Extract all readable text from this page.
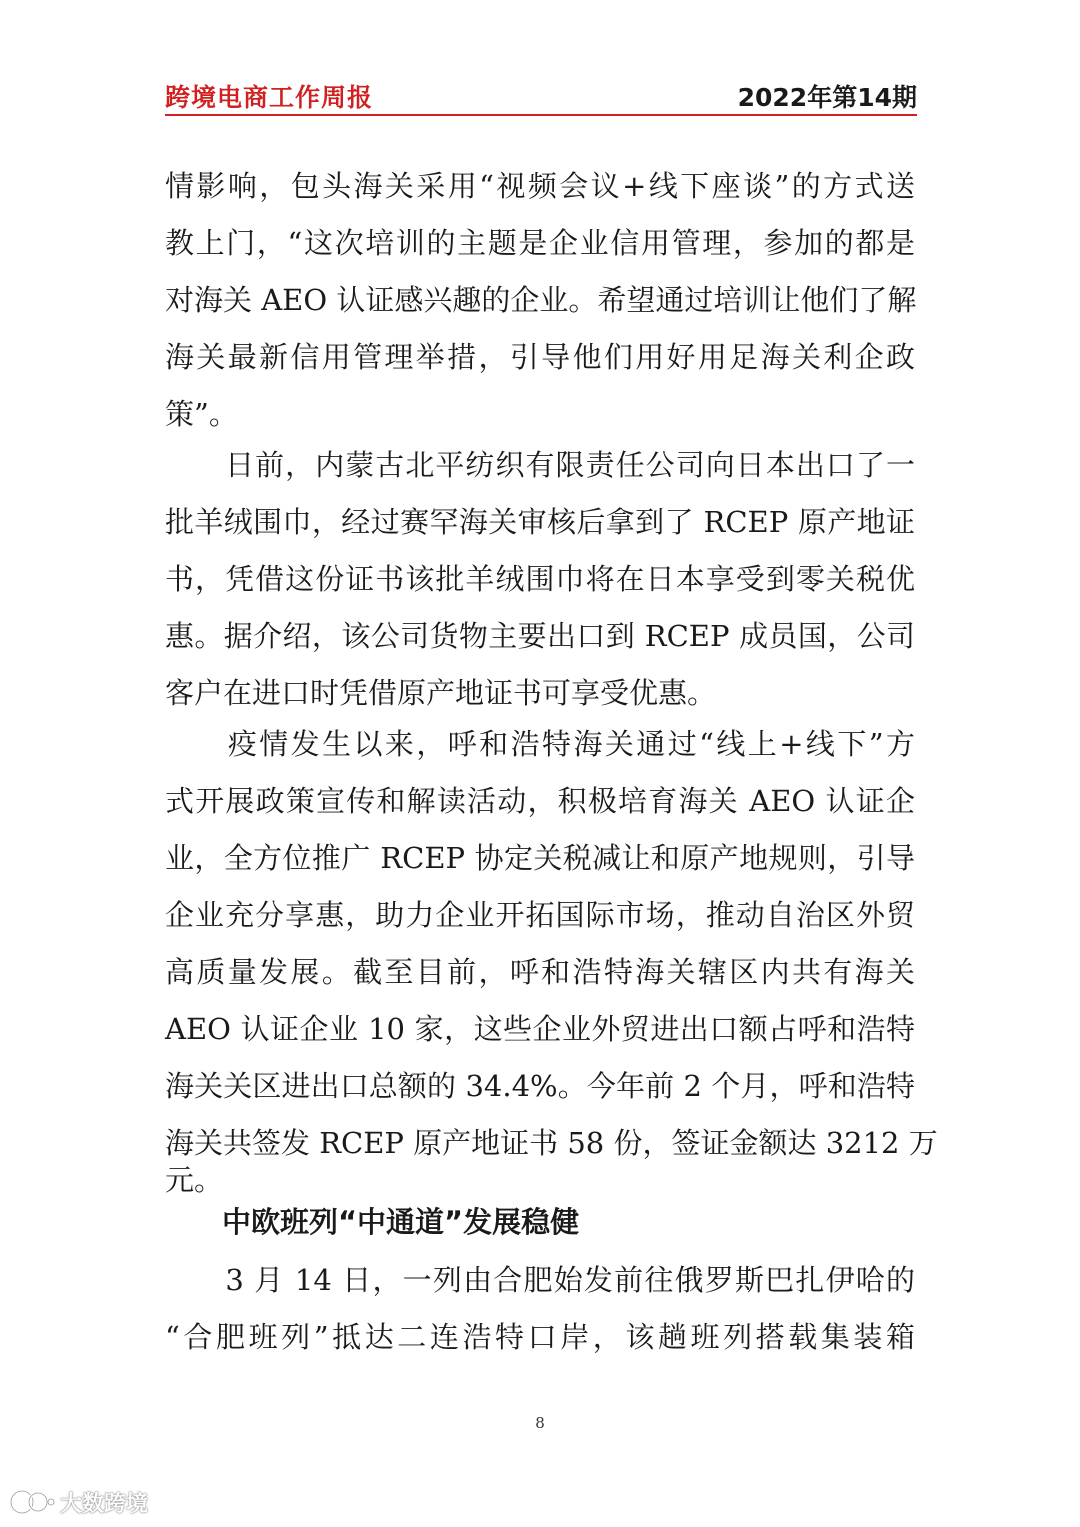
跨境电商工作周报	2022年第14期
情影响，包头海关采用“视频会议+线下座谈”的方式送
教上门，“这次培训的主题是企业信用管理，参加的都是
对海关 AEO 认证感兴趣的企业。希望通过培训让他们了解
海关最新信用管理举措，引导他们用好用足海关利企政
策”。
　　日前，内蒙古北平纺织有限责任公司向日本出口了一
批羊绒围巾，经过赛罕海关审核后拿到了 RCEP 原产地证
书，凭借这份证书该批羊绒围巾将在日本享受到零关税优
惠。据介绍，该公司货物主要出口到 RCEP 成员国，公司
客户在进口时凭借原产地证书可享受优惠。
　　疫情发生以来，呼和浩特海关通过“线上+线下”方
式开展政策宣传和解读活动，积极培育海关 AEO 认证企
业，全方位推广 RCEP 协定关税减让和原产地规则，引导
企业充分享惠，助力企业开拓国际市场，推动自治区外贸
高质量发展。截至目前，呼和浩特海关辖区内共有海关
AEO 认证企业 10 家，这些企业外贸进出口额占呼和浩特
海关关区进出口总额的 34.4%。今年前 2 个月，呼和浩特
海关共签发 RCEP 原产地证书 58 份，签证金额达 3212 万
元。
中欧班列“中通道”发展稳健
　　3 月 14 日，一列由合肥始发前往俄罗斯巴扎伊哈的
“合肥班列”抵达二连浩特口岸，该趟班列搭载集装箱
8
大数跨境
